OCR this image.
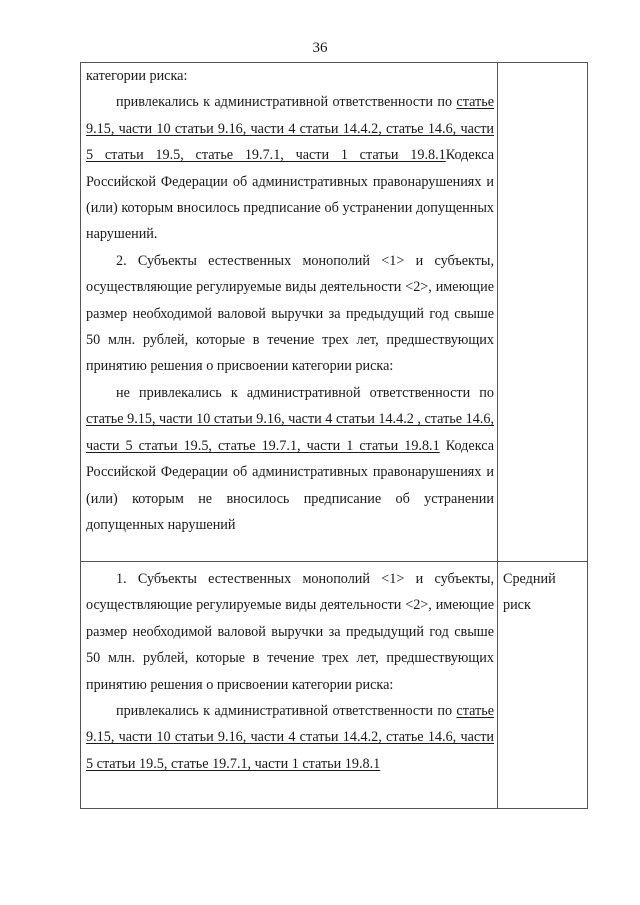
36

категории риска:

привлекались к административной ответственности по статье 9.15, части 10 статьи 9.16, части 4 статьи 14.4.2, статье 14.6, части 5 статьи 19.5, статье 19.7.1, части 1 статьи 19.8.1Кодекса Российской Федерации об административных правонарушениях и (или) которым вносилось предписание об устранении допущенных нарушений.

2. Субъекты естественных монополий <1> и субъекты, осуществляющие регулируемые виды деятельности <2>, имеющие размер необходимой валовой выручки за предыдущий год свыше 50 млн. рублей, которые в течение трех лет, предшествующих принятию решения о присвоении категории риска:

не привлекались к административной ответственности по статье 9.15, части 10 статьи 9.16, части 4 статьи 14.4.2 , статье 14.6, части 5 статьи 19.5, статье 19.7.1, части 1 статьи 19.8.1 Кодекса Российской Федерации об административных правонарушениях и (или) которым не вносилось предписание об устранении допущенных нарушений	

1. Субъекты естественных монополий <1> и субъекты, осуществляющие регулируемые виды деятельности <2>, имеющие размер необходимой валовой выручки за предыдущий год свыше 50 млн. рублей, которые в течение трех лет, предшествующих принятию решения о присвоении категории риска:

привлекались к административной ответственности по статье 9.15, части 10 статьи 9.16, части 4 статьи 14.4.2, статье 14.6, части 5 статьи 19.5, статье 19.7.1, части 1 статьи 19.8.1	Средний риск
